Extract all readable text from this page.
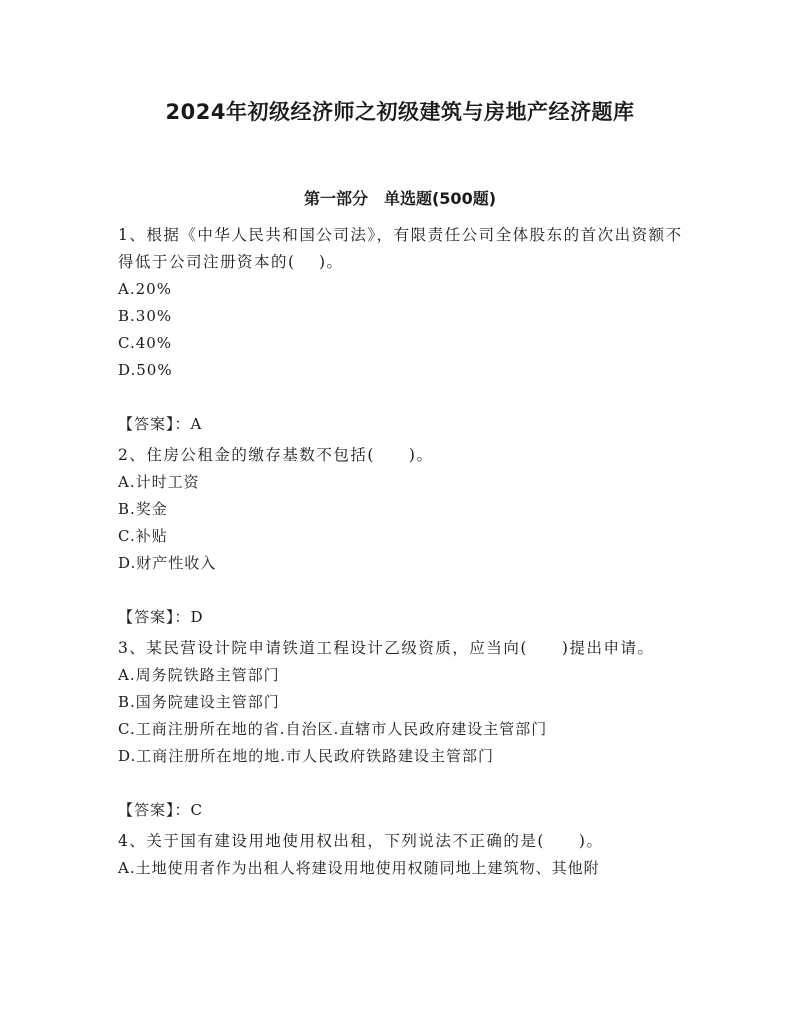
2024年初级经济师之初级建筑与房地产经济题库
第一部分　单选题(500题)

1、根据《中华人民共和国公司法》，有限责任公司全体股东的首次出资额不得低于公司注册资本的(　 )。

A.20%

B.30%

C.40%

D.50%

【答案】：A

2、住房公租金的缴存基数不包括(　　)。

A.计时工资

B.奖金

C.补贴

D.财产性收入

【答案】：D

3、某民营设计院申请铁道工程设计乙级资质，应当向(　　)提出申请。

A.周务院铁路主管部门

B.国务院建设主管部门

C.工商注册所在地的省.自治区.直辖市人民政府建设主管部门

D.工商注册所在地的地.市人民政府铁路建设主管部门

【答案】：C

4、关于国有建设用地使用权出租，下列说法不正确的是(　　)。

A.土地使用者作为出租人将建设用地使用权随同地上建筑物、其他附
